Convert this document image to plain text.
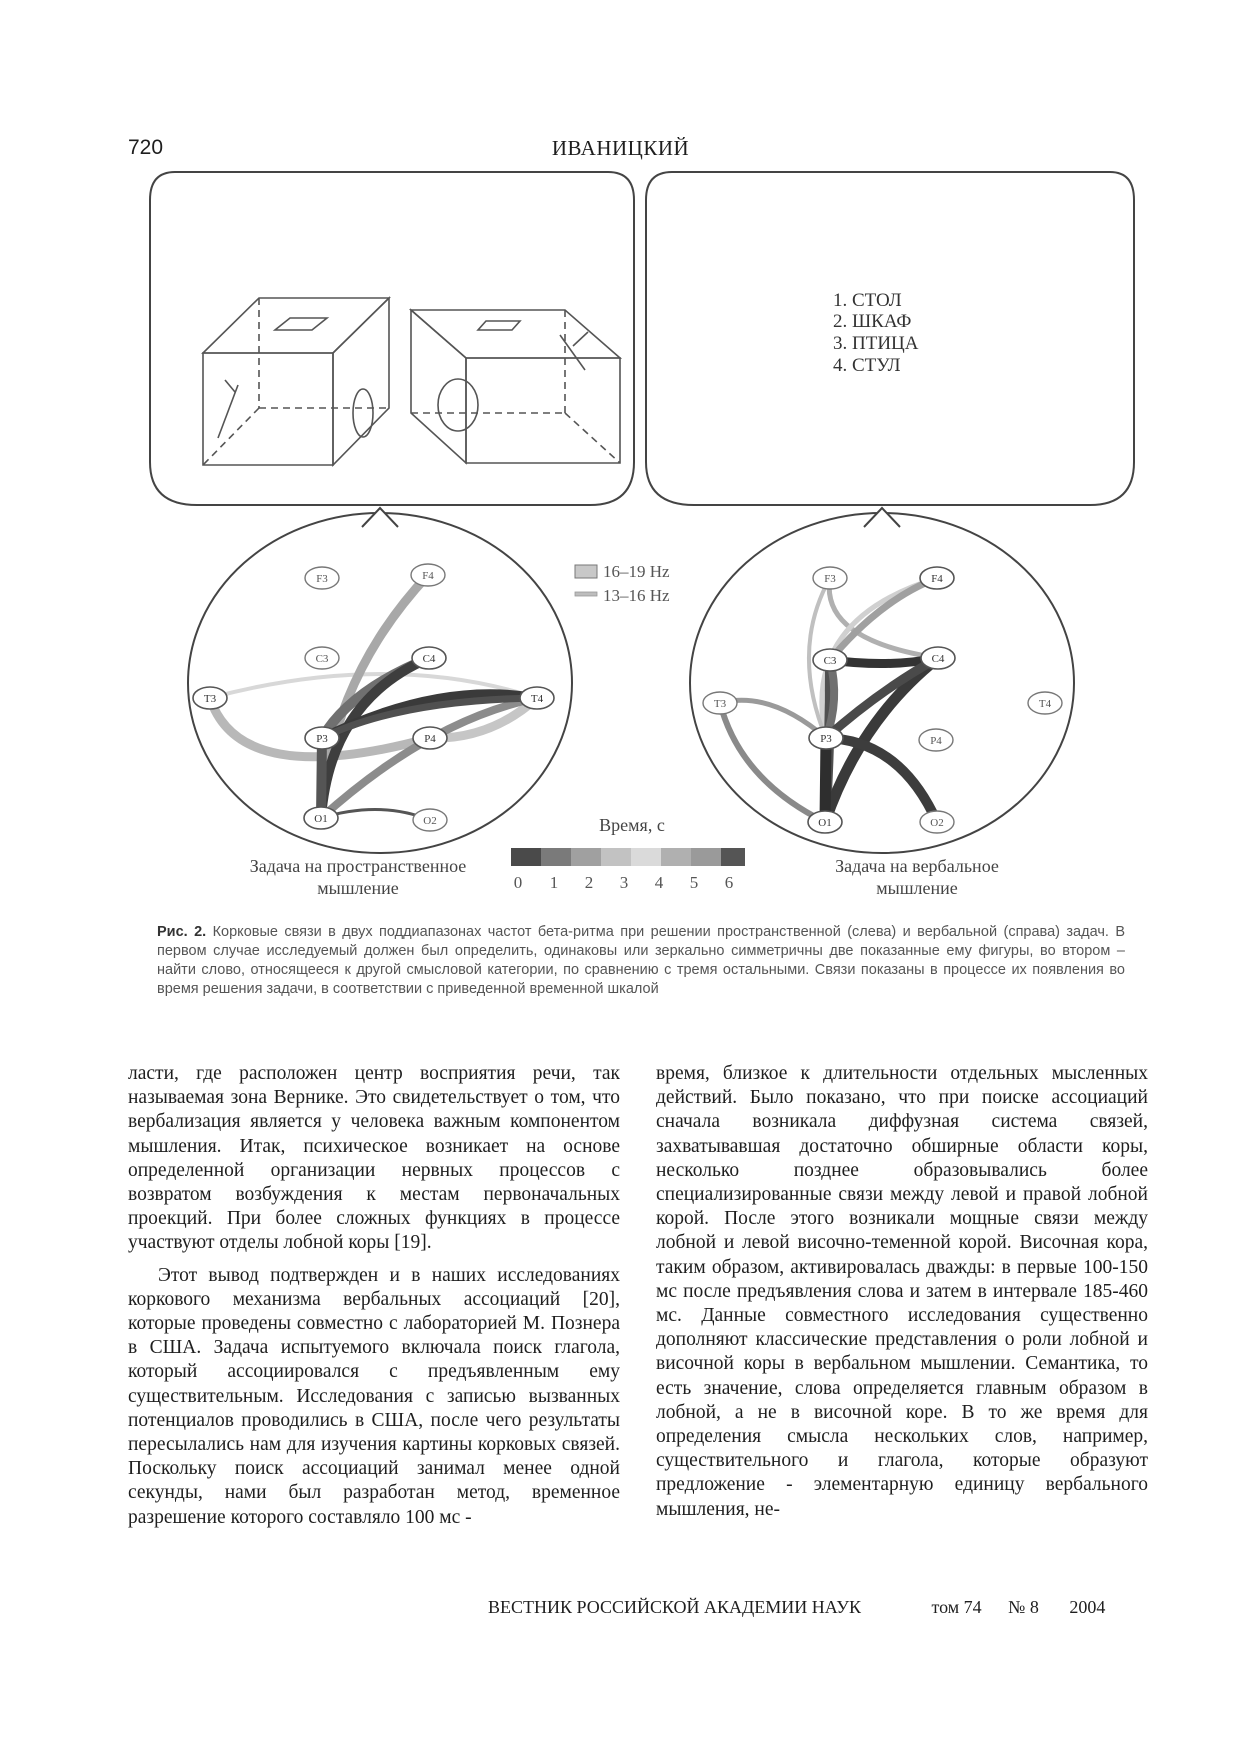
720	ИВАНИЦКИЙ
1. СТОЛ
2. ШКАФ
3. ПТИЦА
4. СТУЛ
F3	F4
C3	C4
T3	T4
P3	P4
O1	O2
F3	F4
C3	C4
T3	T4
P3	P4
O1	O2
16–19 Hz
13–16 Hz
Задача на пространственное
мышление
Задача на вербальное
мышление
Время, с
0 1 2 3 4 5 6
Рис. 2. Корковые связи в двух поддиапазонах частот бета-ритма при решении пространственной (слева) и вербальной (справа) задач. В первом случае исследуемый должен был определить, одинаковы или зеркально симметричны две показанные ему фигуры, во втором – найти слово, относящееся к другой смысловой категории, по сравнению с тремя остальными. Связи показаны в процессе их появления во время решения задачи, в соответствии с приведенной временной шкалой

ласти, где расположен центр восприятия речи, так называемая зона Вернике. Это свидетельствует о том, что вербализация является у человека важным компонентом мышления. Итак, психическое возникает на основе определенной организации нервных процессов с возвратом возбуждения к местам первоначальных проекций. При более сложных функциях в процессе участвуют отделы лобной коры [19].

Этот вывод подтвержден и в наших исследованиях коркового механизма вербальных ассоциаций [20], которые проведены совместно с лабораторией М. Познера в США. Задача испытуемого включала поиск глагола, который ассоциировался с предъявленным ему существительным. Исследования с записью вызванных потенциалов проводились в США, после чего результаты пересылались нам для изучения картины корковых связей. Поскольку поиск ассоциаций занимал менее одной секунды, нами был разработан метод, временное разрешение которого составляло 100 мс -

время, близкое к длительности отдельных мысленных действий. Было показано, что при поиске ассоциаций сначала возникала диффузная система связей, захватывавшая достаточно обширные области коры, несколько позднее образовывались более специализированные связи между левой и правой лобной корой. После этого возникали мощные связи между лобной и левой височно-теменной корой. Височная кора, таким образом, активировалась дважды: в первые 100-150 мс после предъявления слова и затем в интервале 185-460 мс. Данные совместного исследования существенно дополняют классические представления о роли лобной и височной коры в вербальном мышлении. Семантика, то есть значение, слова определяется главным образом в лобной, а не в височной коре. В то же время для определения смысла нескольких слов, например, существительного и глагола, которые образуют предложение - элементарную единицу вербального мышления, не-

ВЕСТНИК РОССИЙСКОЙ АКАДЕМИИ НАУК	том 74 № 8 2004
